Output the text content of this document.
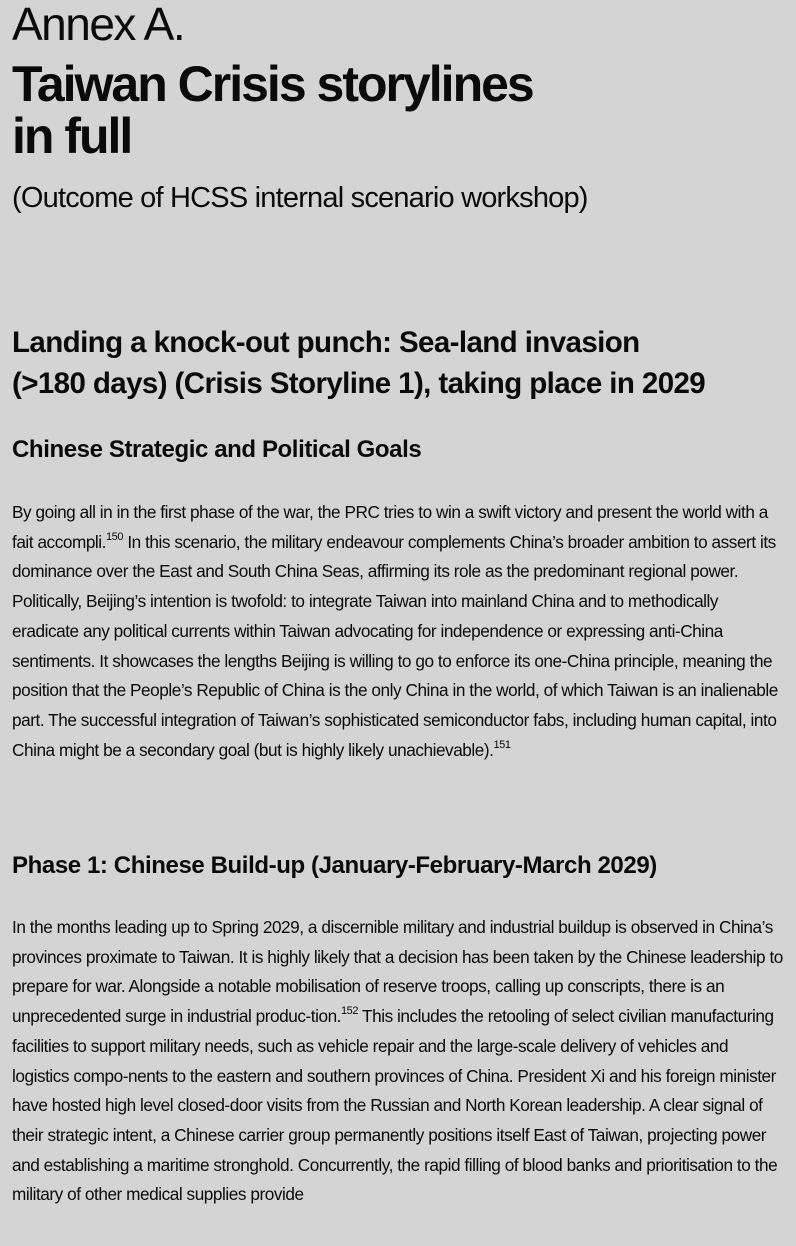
Annex A.
Taiwan Crisis storylines
in full

(Outcome of HCSS internal scenario workshop)

Landing a knock-out punch: Sea-land invasion
(>180 days) (Crisis Storyline 1), taking place in 2029
Chinese Strategic and Political Goals

By going all in in the first phase of the war, the PRC tries to win a swift victory and present the world with a fait accompli.$^{150}$ In this scenario, the military endeavour complements China’s broader ambition to assert its dominance over the East and South China Seas, affirming its role as the predominant regional power. Politically, Beijing’s intention is twofold: to integrate Taiwan into mainland China and to methodically eradicate any political currents within Taiwan advocating for independence or expressing anti-China sentiments. It showcases the lengths Beijing is willing to go to enforce its one-China principle, meaning the position that the People’s Republic of China is the only China in the world, of which Taiwan is an inalienable part. The successful integration of Taiwan’s sophisticated semiconductor fabs, including human capital, into China might be a secondary goal (but is highly likely unachievable).$^{151}$

Phase 1: Chinese Build-up (January-February-March 2029)

In the months leading up to Spring 2029, a discernible military and industrial buildup is observed in China’s provinces proximate to Taiwan. It is highly likely that a decision has been taken by the Chinese leadership to prepare for war. Alongside a notable mobilisation of reserve troops, calling up conscripts, there is an unprecedented surge in industrial produc-tion.$^{152}$ This includes the retooling of select civilian manufacturing facilities to support military needs, such as vehicle repair and the large-scale delivery of vehicles and logistics compo-nents to the eastern and southern provinces of China. President Xi and his foreign minister have hosted high level closed-door visits from the Russian and North Korean leadership. A clear signal of their strategic intent, a Chinese carrier group permanently positions itself East of Taiwan, projecting power and establishing a maritime stronghold. Concurrently, the rapid filling of blood banks and prioritisation to the military of other medical supplies provide
